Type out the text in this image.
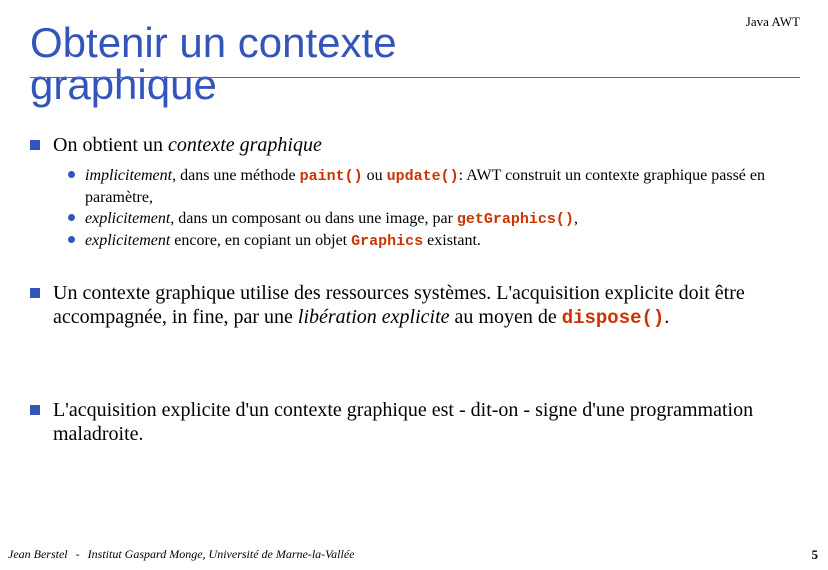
Obtenir un contexte graphique
Java AWT
On obtient un contexte graphique
implicitement, dans une méthode paint() ou update(): AWT construit un contexte graphique passé en paramètre,
explicitement, dans un composant ou dans une image, par getGraphics(),
explicitement encore, en copiant un objet Graphics existant.
Un contexte graphique utilise des ressources systèmes. L'acquisition explicite doit être accompagnée, in fine, par une libération explicite au moyen de dispose().
L'acquisition explicite d'un contexte graphique est - dit-on - signe d'une programmation maladroite.
Jean Berstel - Institut Gaspard Monge, Université de Marne-la-Vallée	5
